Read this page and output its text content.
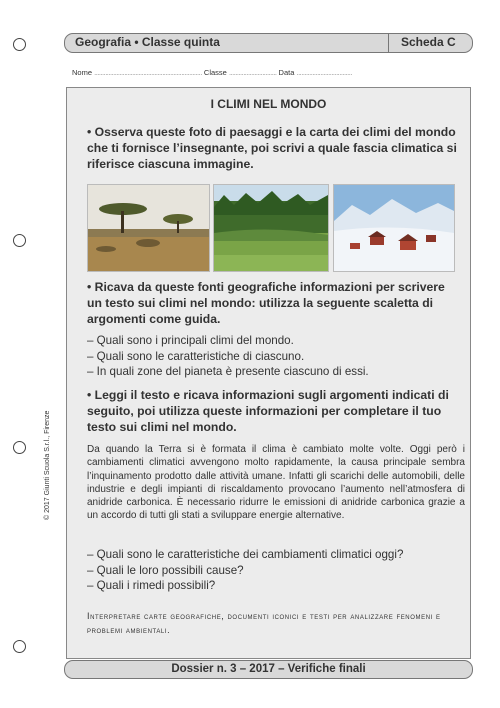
Geografia • Classe quinta	Scheda C
Nome .................................................................... Classe .............................. Data ...................................
I CLIMI NEL MONDO
• Osserva queste foto di paesaggi e la carta dei climi del mondo che ti fornisce l’insegnante, poi scrivi a quale fascia climatica si riferisce ciascuna immagine.
• Ricava da queste fonti geografiche informazioni per scrivere un testo sui climi nel mondo: utilizza la seguente scaletta di argomenti come guida.
– Quali sono i principali climi del mondo.
– Quali sono le caratteristiche di ciascuno.
– In quali zone del pianeta è presente ciascuno di essi.
• Leggi il testo e ricava informazioni sugli argomenti indicati di seguito, poi utilizza queste informazioni per completare il tuo testo sui climi nel mondo.
Da quando la Terra si è formata il clima è cambiato molte volte. Oggi però i cambiamenti climatici avvengono molto rapidamente, la causa principale sembra l’inquinamento prodotto dalle attività umane. Infatti gli scarichi delle automobili, delle industrie e degli impianti di riscaldamento provocano l’aumento nell’atmosfera di anidride carbonica. È necessario ridurre le emissioni di anidride carbonica grazie a un accordo di tutti gli stati a sviluppare energie alternative.
– Quali sono le caratteristiche dei cambiamenti climatici oggi?
– Quali le loro possibili cause?
– Quali i rimedi possibili?
Interpretare carte geografiche, documenti iconici e testi per analizzare fenomeni e problemi ambientali.
© 2017 Giunti Scuola S.r.l., Firenze
Dossier n. 3 – 2017 – Verifiche finali
